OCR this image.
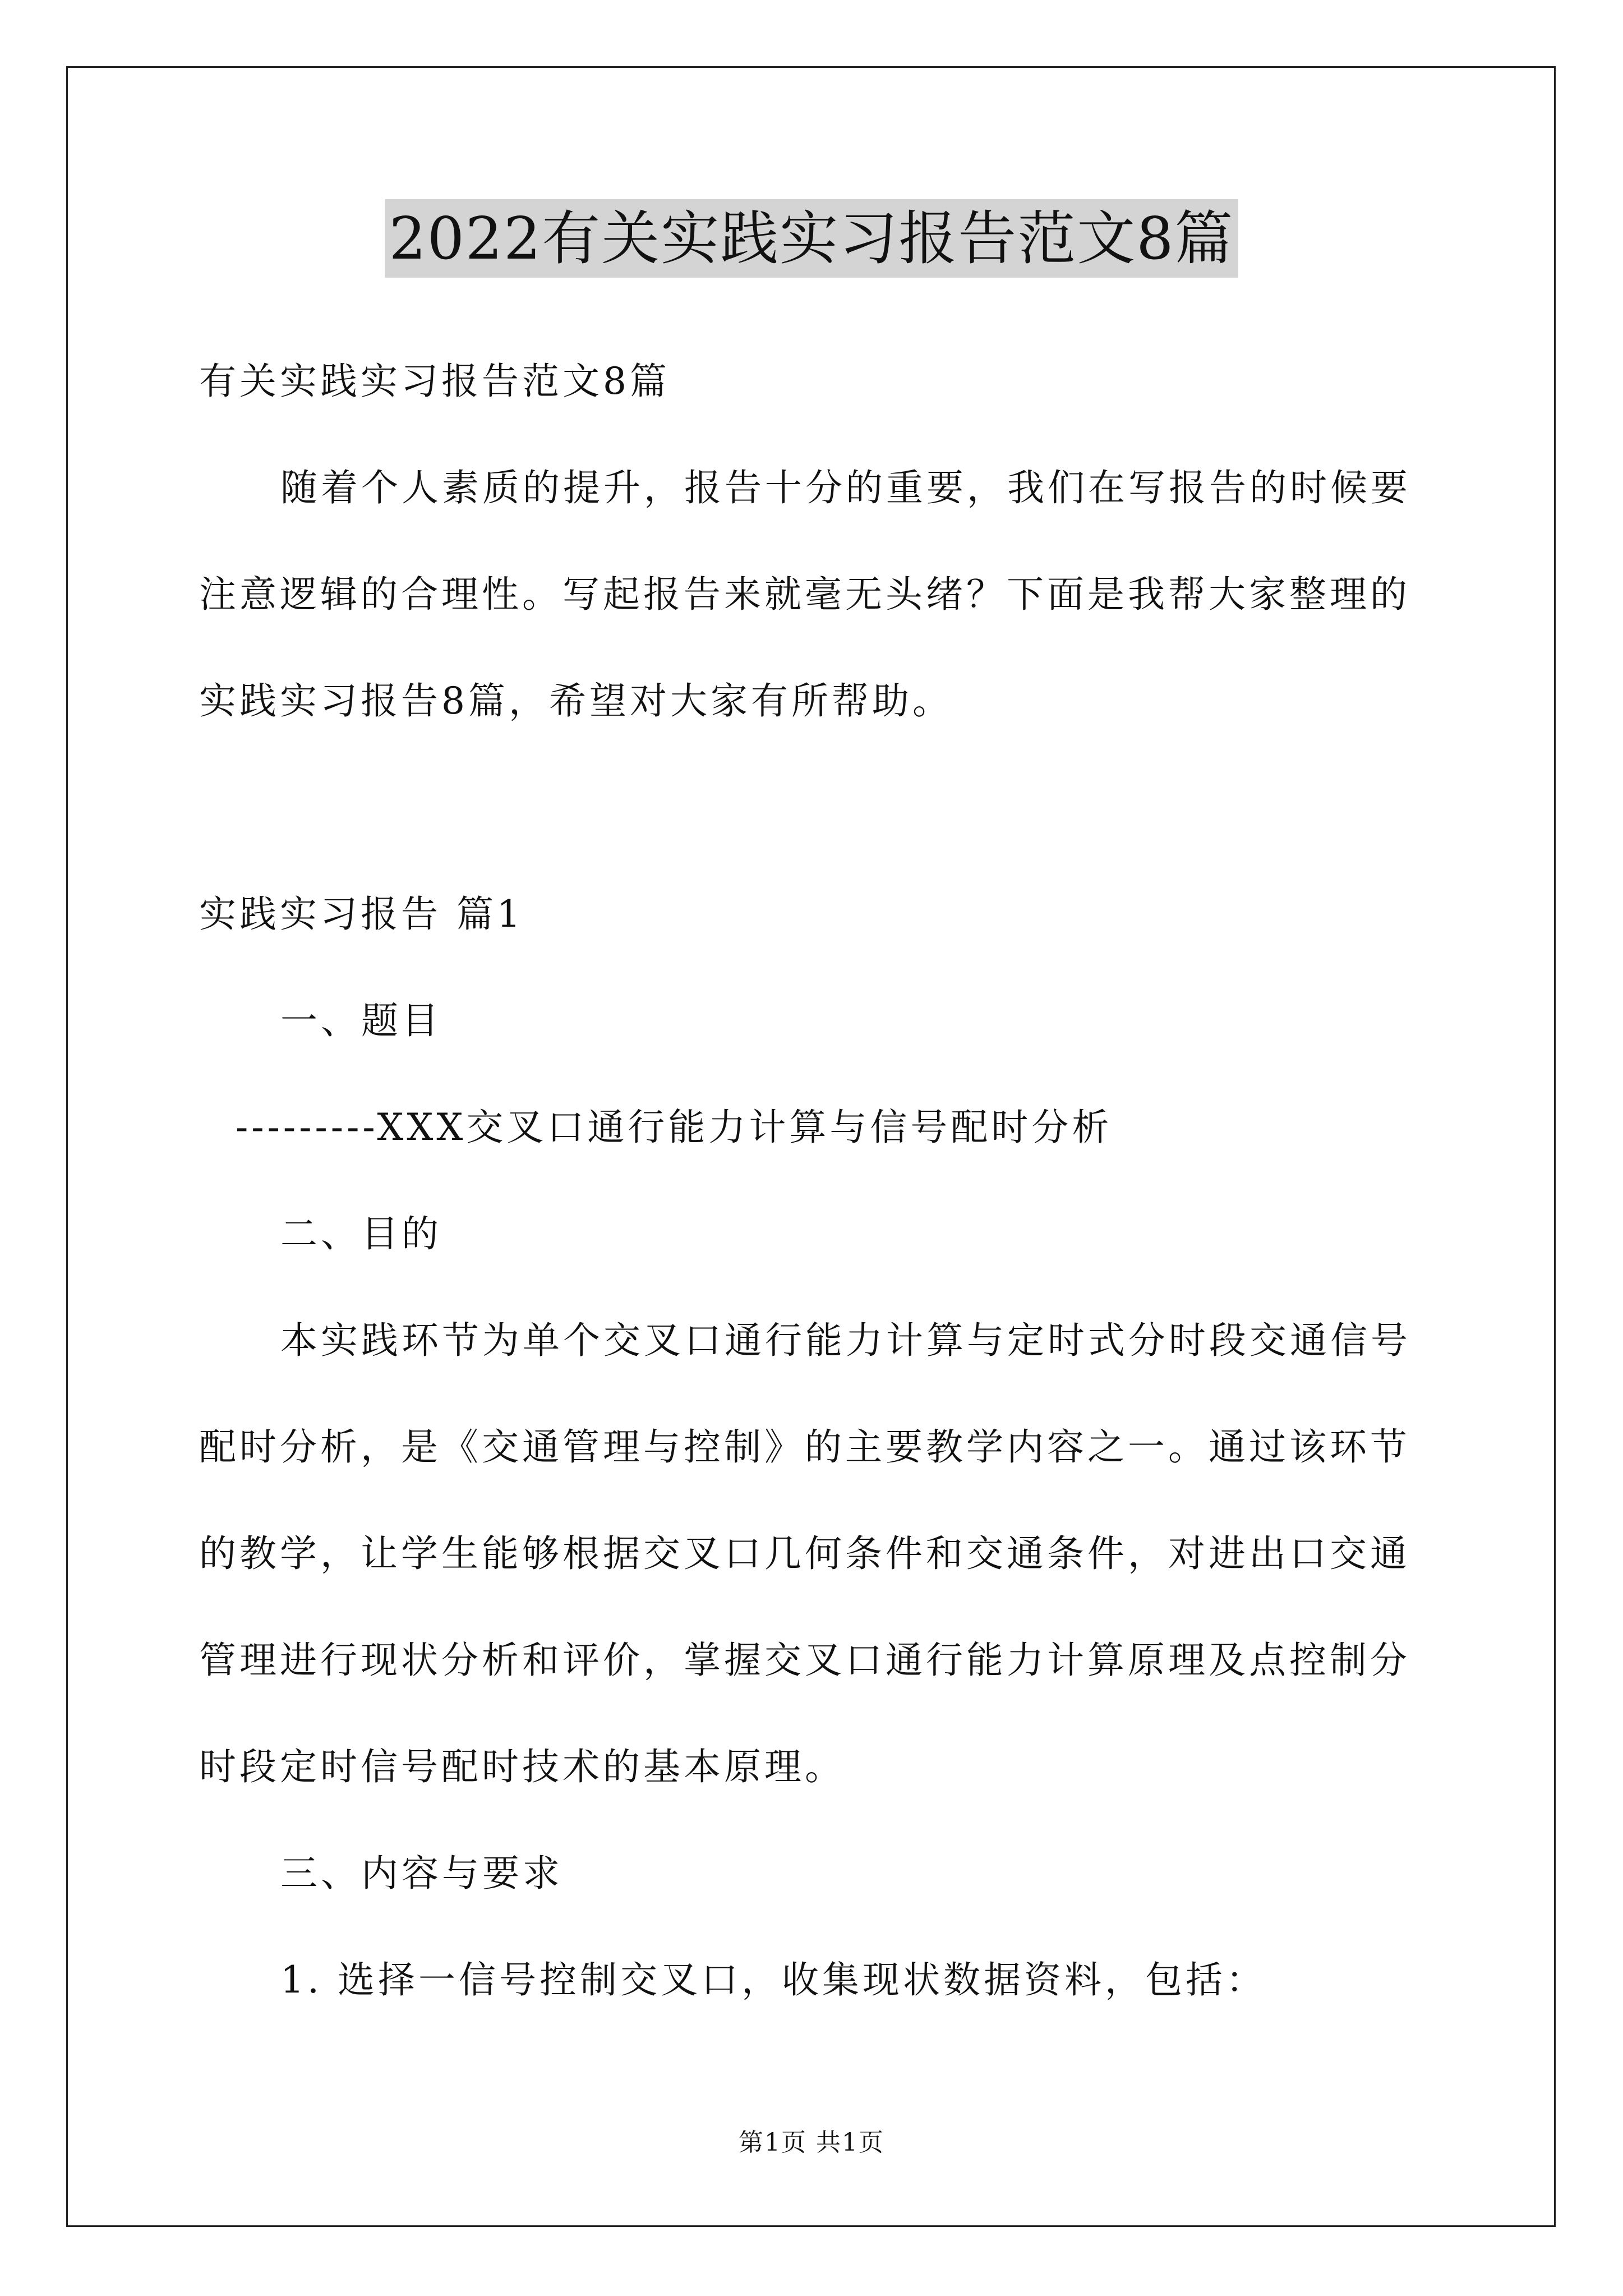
2022有关实践实习报告范文8篇
有关实践实习报告范文8篇
随着个人素质的提升，报告十分的重要，我们在写报告的时候要
注意逻辑的合理性。写起报告来就毫无头绪？下面是我帮大家整理的
实践实习报告8篇，希望对大家有所帮助。
实践实习报告 篇1
一、题目
---------XXX交叉口通行能力计算与信号配时分析
二、目的
本实践环节为单个交叉口通行能力计算与定时式分时段交通信号
配时分析，是《交通管理与控制》的主要教学内容之一。通过该环节
的教学，让学生能够根据交叉口几何条件和交通条件，对进出口交通
管理进行现状分析和评价，掌握交叉口通行能力计算原理及点控制分
时段定时信号配时技术的基本原理。
三、内容与要求
1. 选择一信号控制交叉口，收集现状数据资料，包括：
第1页 共1页
